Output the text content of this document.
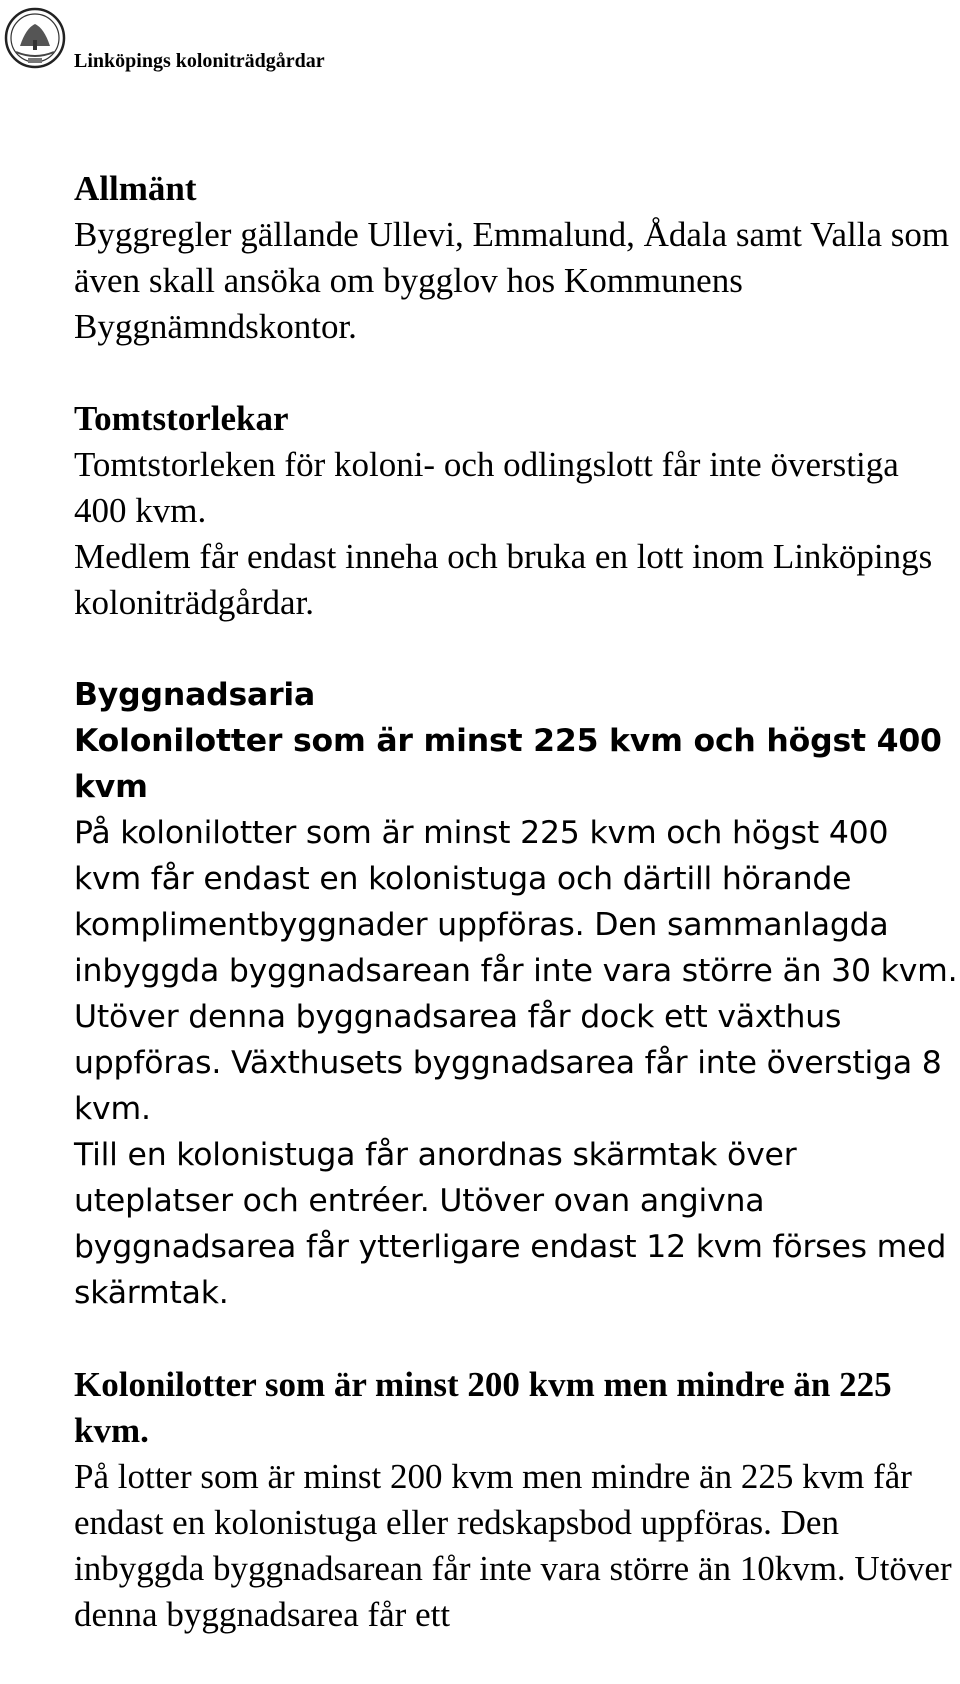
Linköpings koloniträdgårdar

Allmänt

Byggregler gällande Ullevi, Emmalund, Ådala samt Valla som även skall ansöka om bygglov hos Kommunens Byggnämndskontor.

Tomtstorlekar

Tomtstorleken för koloni- och odlingslott får inte överstiga 400 kvm.

Medlem får endast inneha och bruka en lott inom Linköpings koloniträdgårdar.

Byggnadsaria

Kolonilotter som är minst 225 kvm och högst 400 kvm

På kolonilotter som är minst 225 kvm och högst 400 kvm får endast en kolonistuga och därtill hörande komplimentbyggnader uppföras. Den sammanlagda inbyggda byggnadsarean får inte vara större än 30 kvm. Utöver denna byggnadsarea får dock ett växthus uppföras. Växthusets byggnadsarea får inte överstiga 8 kvm.

Till en kolonistuga får anordnas skärmtak över uteplatser och entréer. Utöver ovan angivna byggnadsarea får ytterligare endast 12 kvm förses med skärmtak.

Kolonilotter som är minst 200 kvm men mindre än 225 kvm.

På lotter som är minst 200 kvm men mindre än 225 kvm får endast en kolonistuga eller redskapsbod uppföras. Den inbyggda byggnadsarean får inte vara större än 10kvm. Utöver denna byggnadsarea får ett
